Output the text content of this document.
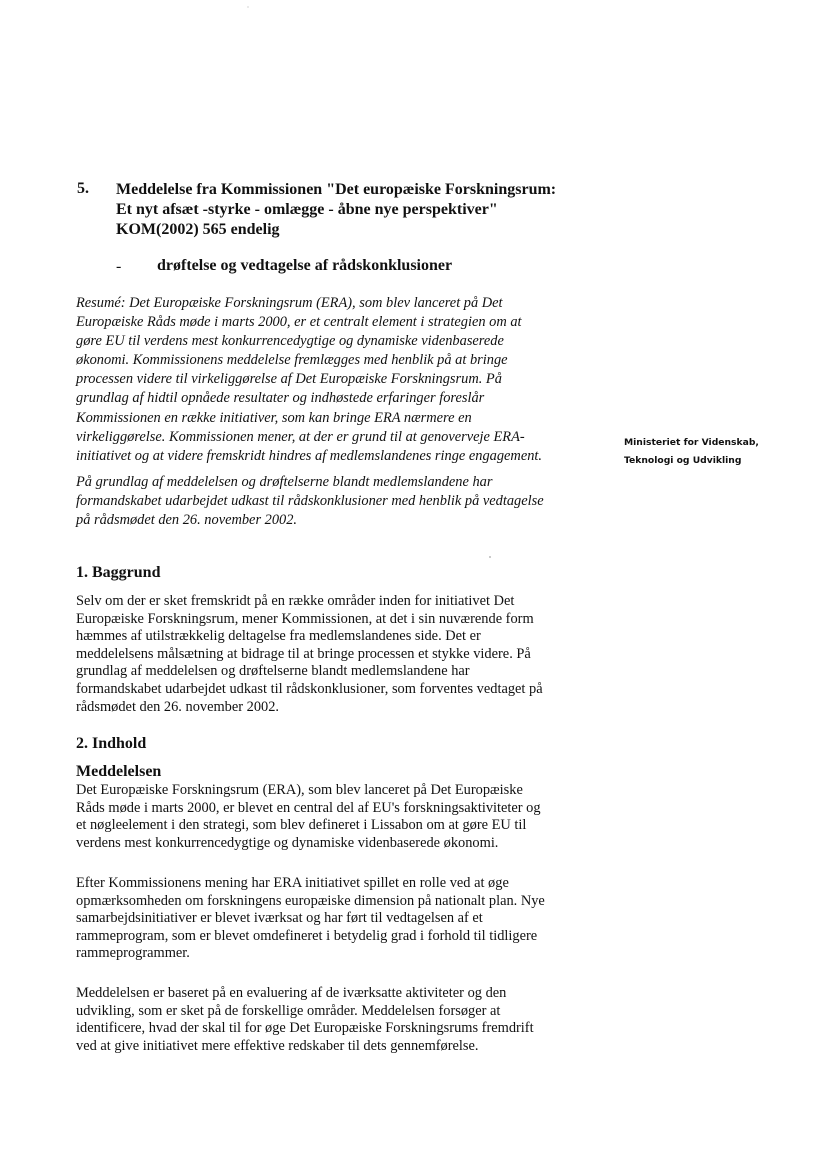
5. Meddelelse fra Kommissionen "Det europæiske Forskningsrum:
Et nyt afsæt -styrke - omlægge - åbne nye perspektiver"
KOM(2002) 565 endelig
- drøftelse og vedtagelse af rådskonklusioner
Resumé: Det Europæiske Forskningsrum (ERA), som blev lanceret på Det
Europæiske Råds møde i marts 2000, er et centralt element i strategien om at
gøre EU til verdens mest konkurrencedygtige og dynamiske videnbaserede
økonomi. Kommissionens meddelelse fremlægges med henblik på at bringe
processen videre til virkeliggørelse af Det Europæiske Forskningsrum. På
grundlag af hidtil opnåede resultater og indhøstede erfaringer foreslår
Kommissionen en række initiativer, som kan bringe ERA nærmere en
virkeliggørelse. Kommissionen mener, at der er grund til at genoverveje ERA-
initiativet og at videre fremskridt hindres af medlemslandenes ringe engagement.
Ministeriet for Videnskab,
Teknologi og Udvikling
På grundlag af meddelelsen og drøftelserne blandt medlemslandene har
formandskabet udarbejdet udkast til rådskonklusioner med henblik på vedtagelse
på rådsmødet den 26. november 2002.
1. Baggrund
Selv om der er sket fremskridt på en række områder inden for initiativet Det
Europæiske Forskningsrum, mener Kommissionen, at det i sin nuværende form
hæmmes af utilstrækkelig deltagelse fra medlemslandenes side. Det er
meddelelsens målsætning at bidrage til at bringe processen et stykke videre. På
grundlag af meddelelsen og drøftelserne blandt medlemslandene har
formandskabet udarbejdet udkast til rådskonklusioner, som forventes vedtaget på
rådsmødet den 26. november 2002.
2. Indhold
Meddelelsen
Det Europæiske Forskningsrum (ERA), som blev lanceret på Det Europæiske
Råds møde i marts 2000, er blevet en central del af EU's forskningsaktiviteter og
et nøgleelement i den strategi, som blev defineret i Lissabon om at gøre EU til
verdens mest konkurrencedygtige og dynamiske videnbaserede økonomi.
Efter Kommissionens mening har ERA initiativet spillet en rolle ved at øge
opmærksomheden om forskningens europæiske dimension på nationalt plan. Nye
samarbejdsinitiativer er blevet iværksat og har ført til vedtagelsen af et
rammeprogram, som er blevet omdefineret i betydelig grad i forhold til tidligere
rammeprogrammer.
Meddelelsen er baseret på en evaluering af de iværksatte aktiviteter og den
udvikling, som er sket på de forskellige områder. Meddelelsen forsøger at
identificere, hvad der skal til for øge Det Europæiske Forskningsrums fremdrift
ved at give initiativet mere effektive redskaber til dets gennemførelse.
